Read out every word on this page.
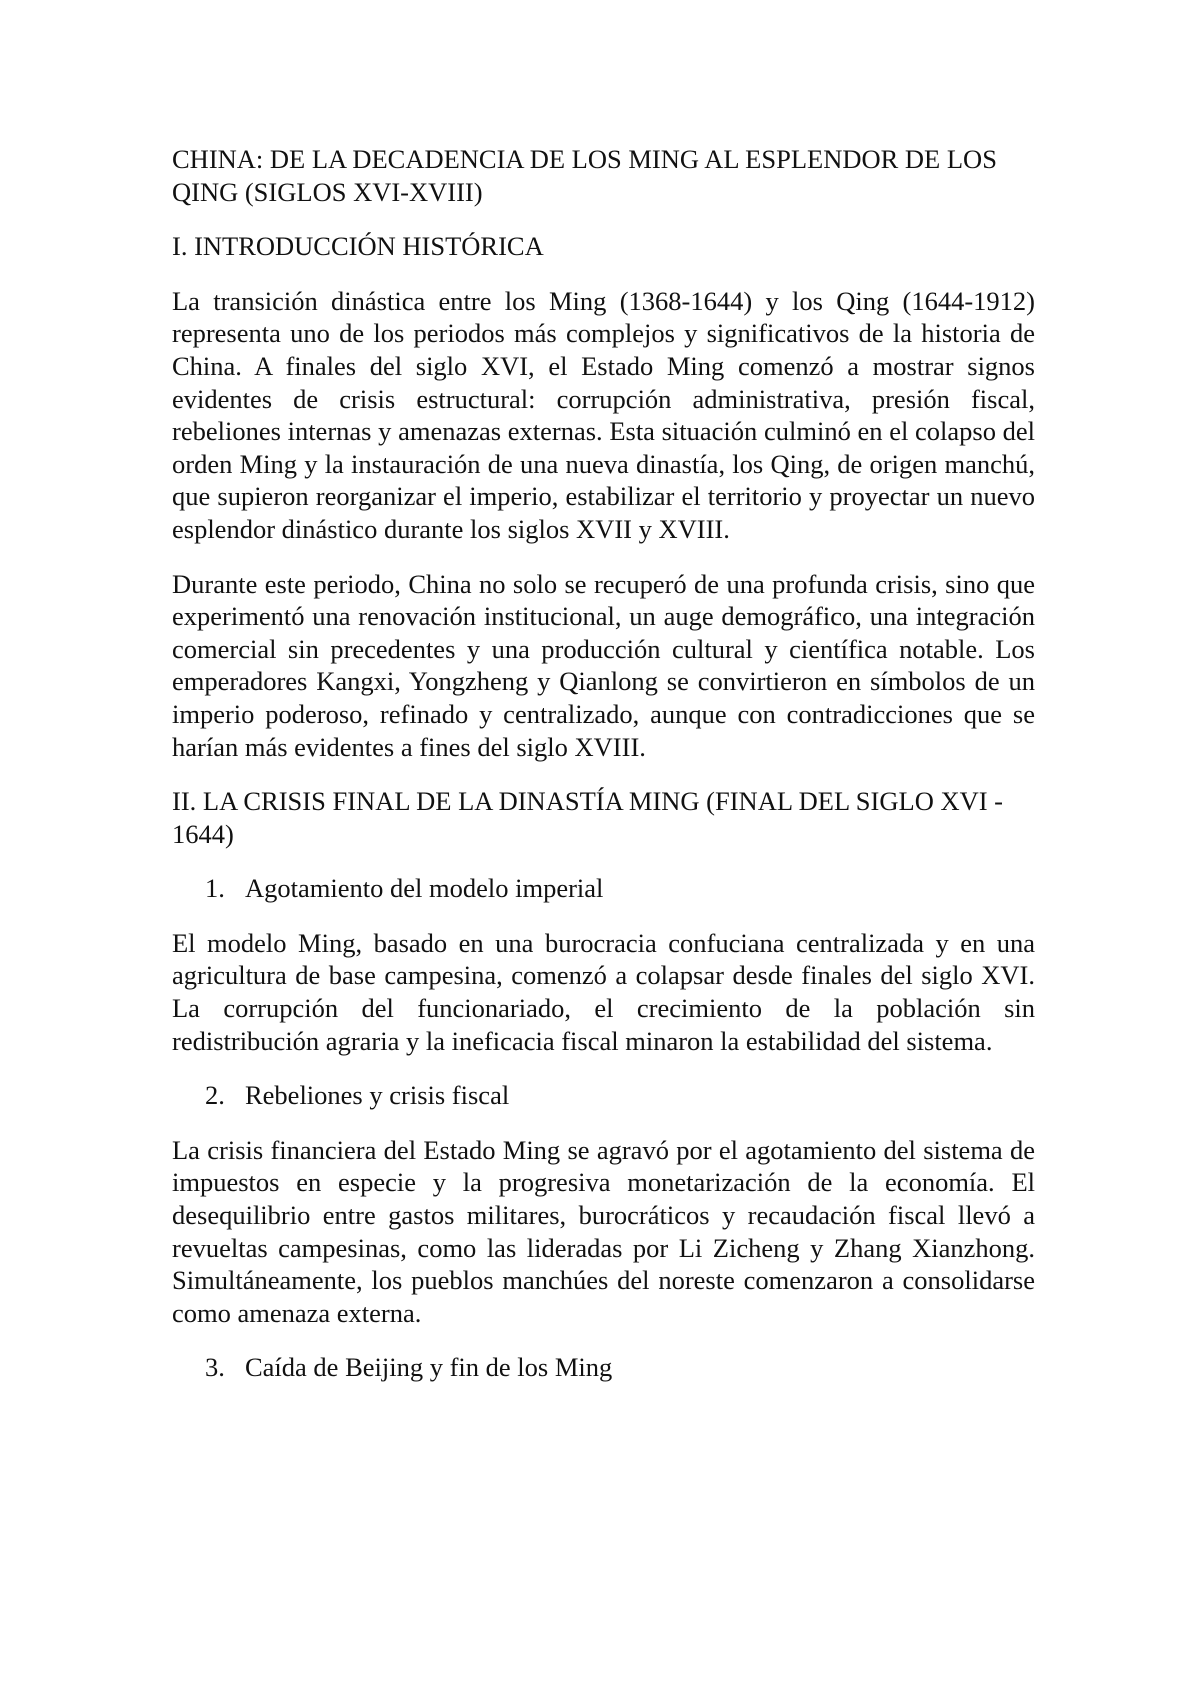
CHINA: DE LA DECADENCIA DE LOS MING AL ESPLENDOR DE LOS QING (SIGLOS XVI-XVIII)
I. INTRODUCCIÓN HISTÓRICA

La transición dinástica entre los Ming (1368-1644) y los Qing (1644-1912) representa uno de los periodos más complejos y significativos de la historia de China. A finales del siglo XVI, el Estado Ming comenzó a mostrar signos evidentes de crisis estructural: corrupción administrativa, presión fiscal, rebeliones internas y amenazas externas. Esta situación culminó en el colapso del orden Ming y la instauración de una nueva dinastía, los Qing, de origen manchú, que supieron reorganizar el imperio, estabilizar el territorio y proyectar un nuevo esplendor dinástico durante los siglos XVII y XVIII.

Durante este periodo, China no solo se recuperó de una profunda crisis, sino que experimentó una renovación institucional, un auge demográfico, una integración comercial sin precedentes y una producción cultural y científica notable. Los emperadores Kangxi, Yongzheng y Qianlong se convirtieron en símbolos de un imperio poderoso, refinado y centralizado, aunque con contradicciones que se harían más evidentes a fines del siglo XVIII.

II. LA CRISIS FINAL DE LA DINASTÍA MING (FINAL DEL SIGLO XVI - 1644)
1. Agotamiento del modelo imperial

El modelo Ming, basado en una burocracia confuciana centralizada y en una agricultura de base campesina, comenzó a colapsar desde finales del siglo XVI. La corrupción del funcionariado, el crecimiento de la población sin redistribución agraria y la ineficacia fiscal minaron la estabilidad del sistema.

2. Rebeliones y crisis fiscal

La crisis financiera del Estado Ming se agravó por el agotamiento del sistema de impuestos en especie y la progresiva monetarización de la economía. El desequilibrio entre gastos militares, burocráticos y recaudación fiscal llevó a revueltas campesinas, como las lideradas por Li Zicheng y Zhang Xianzhong. Simultáneamente, los pueblos manchúes del noreste comenzaron a consolidarse como amenaza externa.

3. Caída de Beijing y fin de los Ming
